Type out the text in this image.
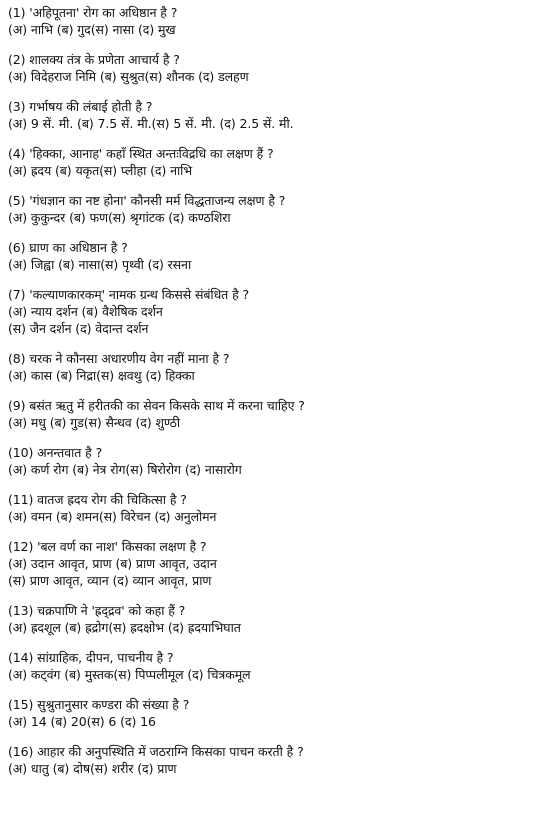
(1) 'अहिपूतना' रोग का अधिष्ठान है ?
(अ) नाभि (ब) गुद(स) नासा (द) मुख
(2) शालक्य तंत्र के प्रणेता आचार्य है ?
(अ) विदेहराज निमि (ब) सुश्रुत(स) शौनक (द) डलहण
(3) गर्भाषय की लंबाई होती है ?
(अ) 9 सें. मी. (ब) 7.5 सें. मी.(स) 5 सें. मी. (द) 2.5 सें. मी.
(4) 'हिक्का, आनाह' कहाँ स्थित अन्तःविद्रधि का लक्षण हैं ?
(अ) ह्रदय (ब) यकृत(स) प्लीहा (द) नाभि
(5) 'गंधज्ञान का नष्ट होना' कौनसी मर्म विद्धताजन्य लक्षण है ?
(अ) कुकुन्दर (ब) फण(स) श्रृगांटक (द) कण्ठशिरा
(6) घ्राण का अधिष्ठान है ?
(अ) जिह्वा (ब) नासा(स) पृथ्वी (द) रसना
(7) 'कल्याणकारकम्' नामक ग्रन्थ किससे संबंधित है ?
(अ) न्याय दर्शन (ब) वैशेषिक दर्शन
(स) जैन दर्शन (द) वेदान्त दर्शन
(8) चरक ने कौनसा अधारणीय वेग नहीं माना है ?
(अ) कास (ब) निद्रा(स) क्षवथु (द) हिक्का
(9) बसंत ऋतु में हरीतकी का सेवन किसके साथ में करना चाहिए ?
(अ) मधु (ब) गुड(स) सैन्धव (द) शुण्ठी
(10) अनन्तवात है ?
(अ) कर्ण रोग (ब) नेत्र रोग(स) षिरोरोग (द) नासारोग
(11) वातज ह्रदय रोग की चिकित्सा है ?
(अ) वमन (ब) शमन(स) विरेचन (द) अनुलोमन
(12) 'बल वर्ण का नाश' किसका लक्षण है ?
(अ) उदान आवृत, प्राण (ब) प्राण आवृत, उदान
(स) प्राण आवृत, व्यान (द) व्यान आवृत, प्राण
(13) चक्रपाणि ने 'ह्रद्द्रव' को कहा हैं ?
(अ) ह्रदशूल (ब) ह्रद्रोग(स) ह्रदक्षोभ (द) ह्रदयाभिघात
(14) सांग्राहिक, दीपन, पाचनीय है ?
(अ) कट्वंग (ब) मुस्तक(स) पिप्पलीमूल (द) चित्रकमूल
(15) सुश्रुतानुसार कण्डरा की संख्या है ?
(अ) 14 (ब) 20(स) 6 (द) 16
(16) आहार की अनुपस्थिति में जठराग्नि किसका पाचन करती है ?
(अ) धातु (ब) दोष(स) शरीर (द) प्राण
